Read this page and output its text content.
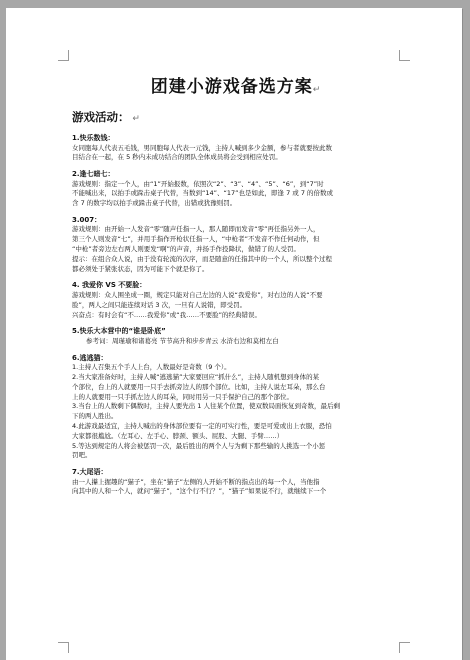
团建小游戏备选方案↵
游戏活动： ↵
1.快乐数钱：
女同胞每人代表五毛钱，男同胞每人代表一元钱，主持人喊到多少金额，参与者就要按此数
目结合在一起，在 5 秒内未成功结合的团队全体成员将会受到相应处罚。
2.逢七暗七：
游戏规则：指定一个人，由“1”开始报数，依照次“2”、“3”、“4”、“5”、“6”，到“7”时
不能喊出来，以拍手或跺击桌子代替，当数到“14”、“17”也是如此，即逢 7 或 7 的倍数或
含 7 的数字均以拍手或跺击桌子代替，出错或犹豫则罚。
3.007：
游戏规则：由开始一人发音“零”随声任指一人，那人随即而发音“零”再任指另外一人，
第三个人则发音“七”，并用手指作开枪状任指一人，“中枪者”不发音不作任何动作，但
“中枪”者旁边左右两人则要发“啊”的声音，并扬手作投降状，做错了的人受罚。
提示：在组合众人说，由于没有轮流的次序，而是随意的任指其中的一个人，所以整个过程
都必须处于紧张状态，因为可能下个就是你了。
4. 我爱你 VS 不要脸：
游戏规则：众人围坐成一圈，规定只能对自己左边的人说“我爱你”，对右边的人说“不要
脸”，两人之间只能连续对话 3 次，一旦有人说错，即受罚。
兴奋点：有时会有“不……我爱你”或“我……不要脸”的经典错误。
5.快乐大本营中的“谁是卧底”
参考词：周瑾瑜和诸葛亮 节节高升和步步青云 水浒右边和莫相左白
6.逃逃猫：
1.主持人召集五个手人上台，人数最好是奇数（9 个）。
2.当大家准备好时，主持人喊“逃逃猫”大家要回应“抓什么”，主持人随机想到身体的某
个部位，台上的人就要用一只手去抓旁边人的那个部位。比如，主持人说左耳朵，那么台
上的人就要用一只手抓左边人的耳朵，同时用另一只手保护自己的那个部位。
3.当台上的人数剩下偶数时，主持人要先出 1 人往某个位置，使双数局面恢复到奇数，最后剩
下的两人胜出。
4.此游戏最适宜，主持人喊出的身体部位要有一定的可实行性，要是可爱或出上衣服，恐怕
大家都很尴尬。（左耳心、左手心、脖颈、额头、屁股、大腿、手臂……）
5.等达到规定的人将会被惩罚一次，最后胜出的两个人与为剩下那些输的人挑选一个小惩
罚吧。
7.大尾语：
由一人攥上握趣的“猫子”，坐在“猫子”左侧的人开始不断的指点出的每一个人，当他指
向其中的人和一个人，就问“猫子”，“这个行不行？”，“猫子”如果说不行，就继续下一个
